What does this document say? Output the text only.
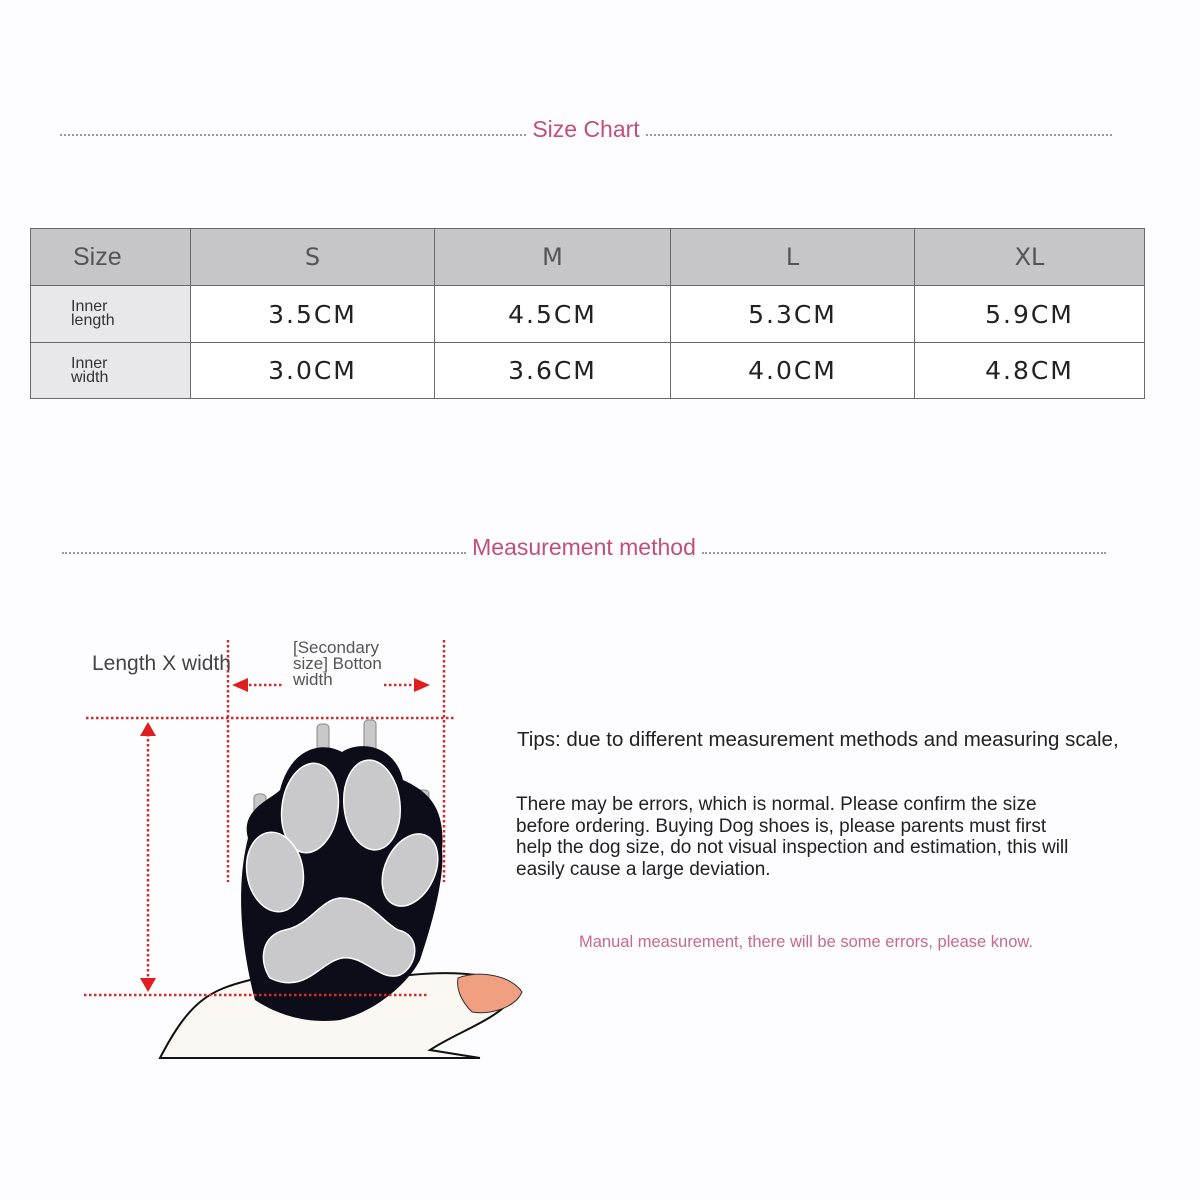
Size Chart
Size	S	M	L	XL

Inner
length	3.5CM	4.5CM	5.3CM	5.9CM

Inner
width	3.0CM	3.6CM	4.0CM	4.8CM
Measurement method
Length X width
[Secondary
size] Botton
width
Tips: due to different measurement methods and measuring scale,
There may be errors, which is normal. Please confirm the size before ordering. Buying Dog shoes is, please parents must first help the dog size, do not visual inspection and estimation, this will easily cause a large deviation.
Manual measurement, there will be some errors, please know.
